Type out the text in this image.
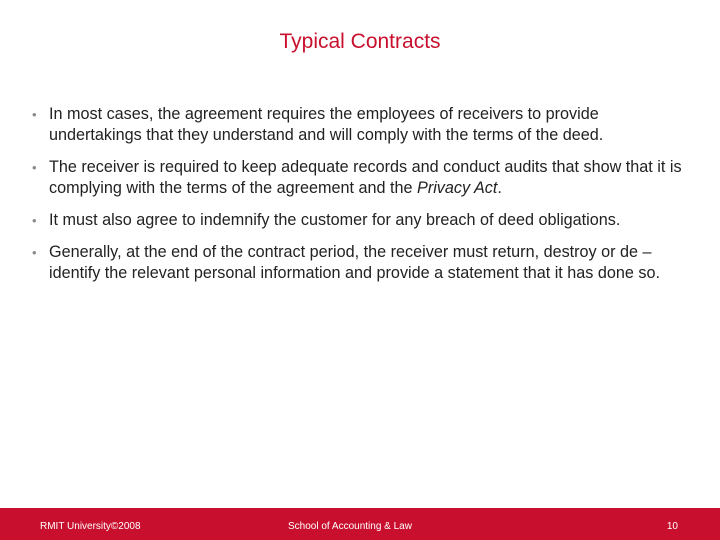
Typical Contracts
• In most cases, the agreement requires the employees of receivers to provide undertakings that they understand and will comply with the terms of the deed.
• The receiver is required to keep adequate records and conduct audits that show that it is complying with the terms of the agreement and the Privacy Act.
• It must also agree to indemnify the customer for any breach of deed obligations.
• Generally, at the end of the contract period, the receiver must return, destroy or de – identify the relevant personal information and provide a statement that it has done so.
RMIT University©2008	School of Accounting & Law	10
